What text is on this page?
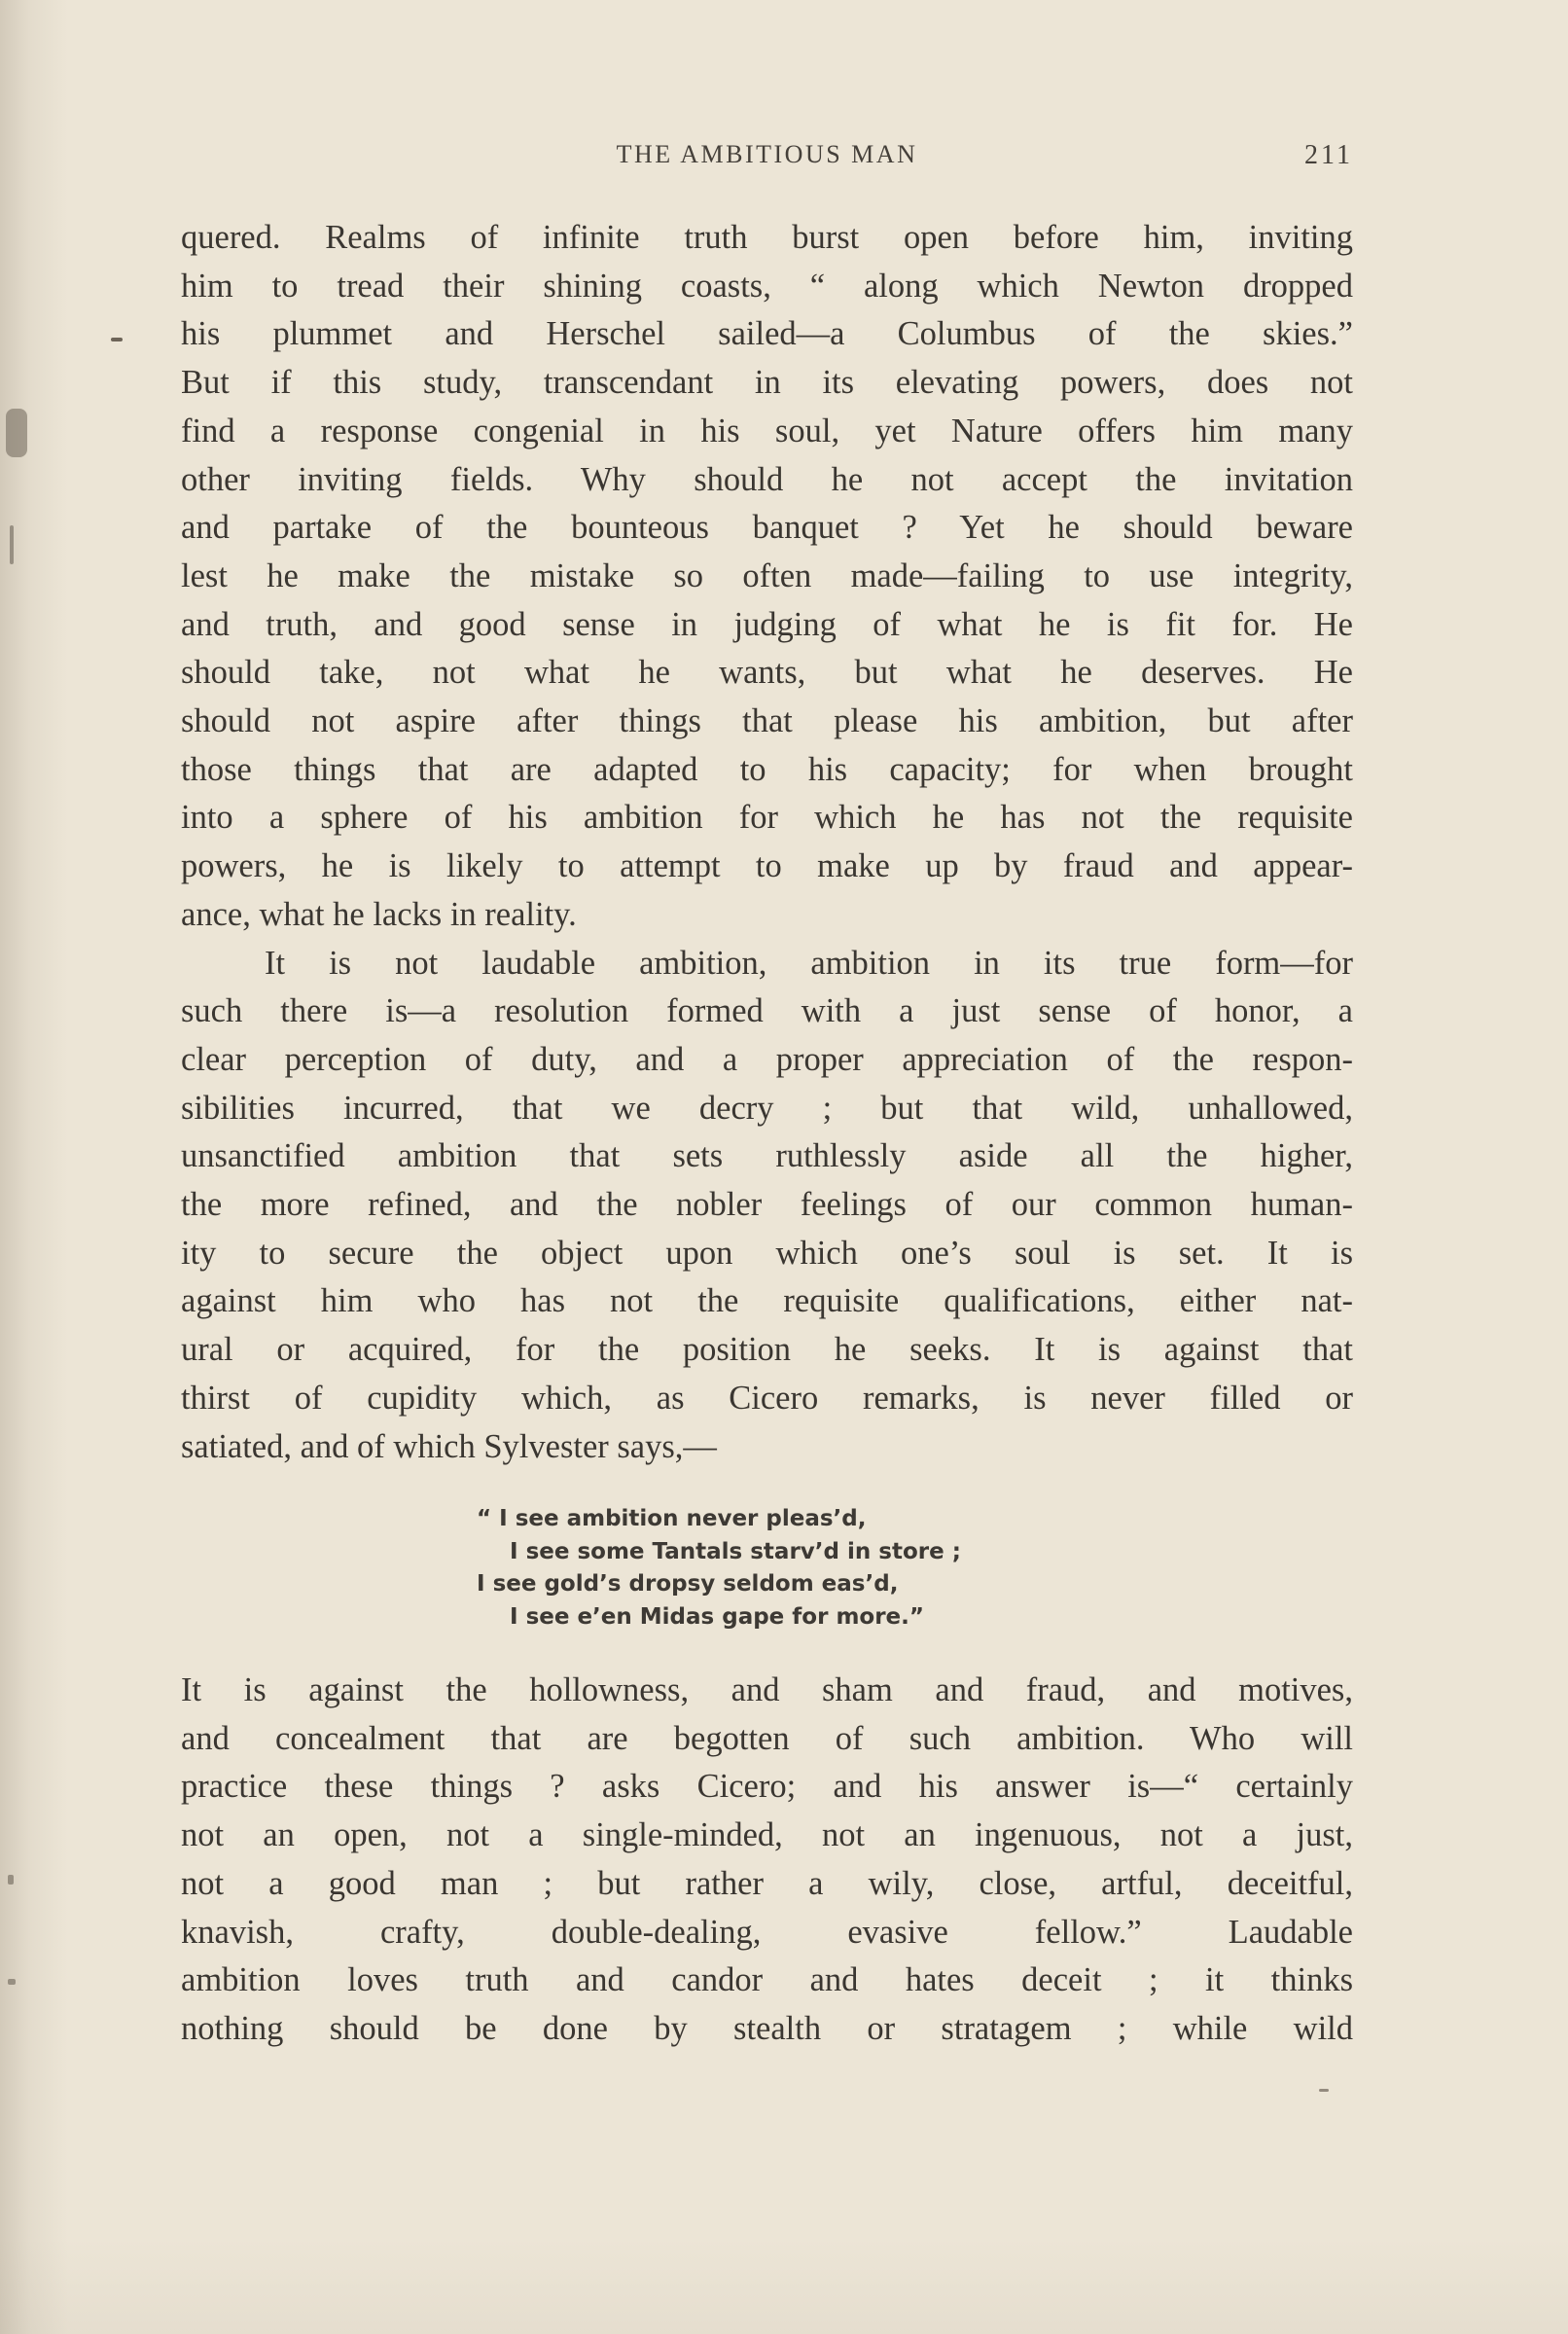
THE AMBITIOUS MAN	211
quered. Realms of infinite truth burst open before him, inviting
him to tread their shining coasts, “ along which Newton dropped
his plummet and Herschel sailed—a Columbus of the skies.”
But if this study, transcendant in its elevating powers, does not
find a response congenial in his soul, yet Nature offers him many
other inviting fields. Why should he not accept the invitation
and partake of the bounteous banquet ? Yet he should beware
lest he make the mistake so often made—failing to use integrity,
and truth, and good sense in judging of what he is fit for. He
should take, not what he wants, but what he deserves. He
should not aspire after things that please his ambition, but after
those things that are adapted to his capacity; for when brought
into a sphere of his ambition for which he has not the requisite
powers, he is likely to attempt to make up by fraud and appear-
ance, what he lacks in reality.
It is not laudable ambition, ambition in its true form—for
such there is—a resolution formed with a just sense of honor, a
clear perception of duty, and a proper appreciation of the respon-
sibilities incurred, that we decry ; but that wild, unhallowed,
unsanctified ambition that sets ruthlessly aside all the higher,
the more refined, and the nobler feelings of our common human-
ity to secure the object upon which one’s soul is set. It is
against him who has not the requisite qualifications, either nat-
ural or acquired, for the position he seeks. It is against that
thirst of cupidity which, as Cicero remarks, is never filled or
satiated, and of which Sylvester says,—
“ I see ambition never pleas’d,
I see some Tantals starv’d in store ;
I see gold’s dropsy seldom eas’d,
I see e’en Midas gape for more.”
It is against the hollowness, and sham and fraud, and motives,
and concealment that are begotten of such ambition. Who will
practice these things ? asks Cicero; and his answer is—“ certainly
not an open, not a single-minded, not an ingenuous, not a just,
not a good man ; but rather a wily, close, artful, deceitful,
knavish, crafty, double-dealing, evasive fellow.” Laudable
ambition loves truth and candor and hates deceit ; it thinks
nothing should be done by stealth or stratagem ; while wild
